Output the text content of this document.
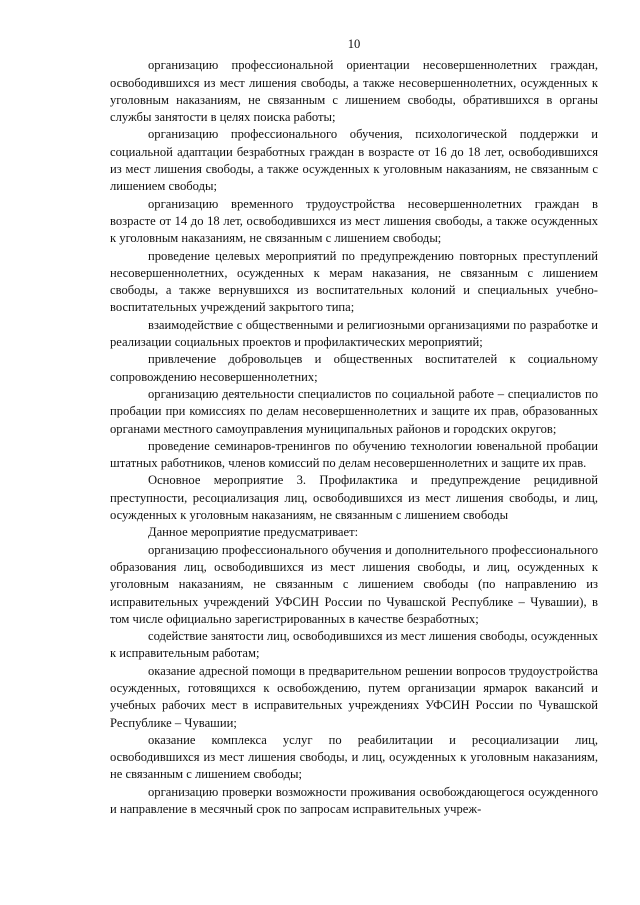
10

организацию профессиональной ориентации несовершеннолетних граждан, освободившихся из мест лишения свободы, а также несовершеннолетних, осужденных к уголовным наказаниям, не связанным с лишением свободы, обратившихся в органы службы занятости в целях поиска работы;

организацию профессионального обучения, психологической поддержки и социальной адаптации безработных граждан в возрасте от 16 до 18 лет, освободившихся из мест лишения свободы, а также осужденных к уголовным наказаниям, не связанным с лишением свободы;

организацию временного трудоустройства несовершеннолетних граждан в возрасте от 14 до 18 лет, освободившихся из мест лишения свободы, а также осужденных к уголовным наказаниям, не связанным с лишением свободы;

проведение целевых мероприятий по предупреждению повторных преступлений несовершеннолетних, осужденных к мерам наказания, не связанным с лишением свободы, а также вернувшихся из воспитательных колоний и специальных учебно-воспитательных учреждений закрытого типа;

взаимодействие с общественными и религиозными организациями по разработке и реализации социальных проектов и профилактических мероприятий;

привлечение добровольцев и общественных воспитателей к социальному сопровождению несовершеннолетних;

организацию деятельности специалистов по социальной работе – специалистов по пробации при комиссиях по делам несовершеннолетних и защите их прав, образованных органами местного самоуправления муниципальных районов и городских округов;

проведение семинаров-тренингов по обучению технологии ювенальной пробации штатных работников, членов комиссий по делам несовершеннолетних и защите их прав.

Основное мероприятие 3. Профилактика и предупреждение рецидивной преступности, ресоциализация лиц, освободившихся из мест лишения свободы, и лиц, осужденных к уголовным наказаниям, не связанным с лишением свободы

Данное мероприятие предусматривает:

организацию профессионального обучения и дополнительного профессионального образования лиц, освободившихся из мест лишения свободы, и лиц, осужденных к уголовным наказаниям, не связанным с лишением свободы (по направлению из исправительных учреждений УФСИН России по Чувашской Республике – Чувашии), в том числе официально зарегистрированных в качестве безработных;

содействие занятости лиц, освободившихся из мест лишения свободы, осужденных к исправительным работам;

оказание адресной помощи в предварительном решении вопросов трудоустройства осужденных, готовящихся к освобождению, путем организации ярмарок вакансий и учебных рабочих мест в исправительных учреждениях УФСИН России по Чувашской Республике – Чувашии;

оказание комплекса услуг по реабилитации и ресоциализации лиц, освободившихся из мест лишения свободы, и лиц, осужденных к уголовным наказаниям, не связанным с лишением свободы;

организацию проверки возможности проживания освобождающегося осужденного и направление в месячный срок по запросам исправительных учреж-
